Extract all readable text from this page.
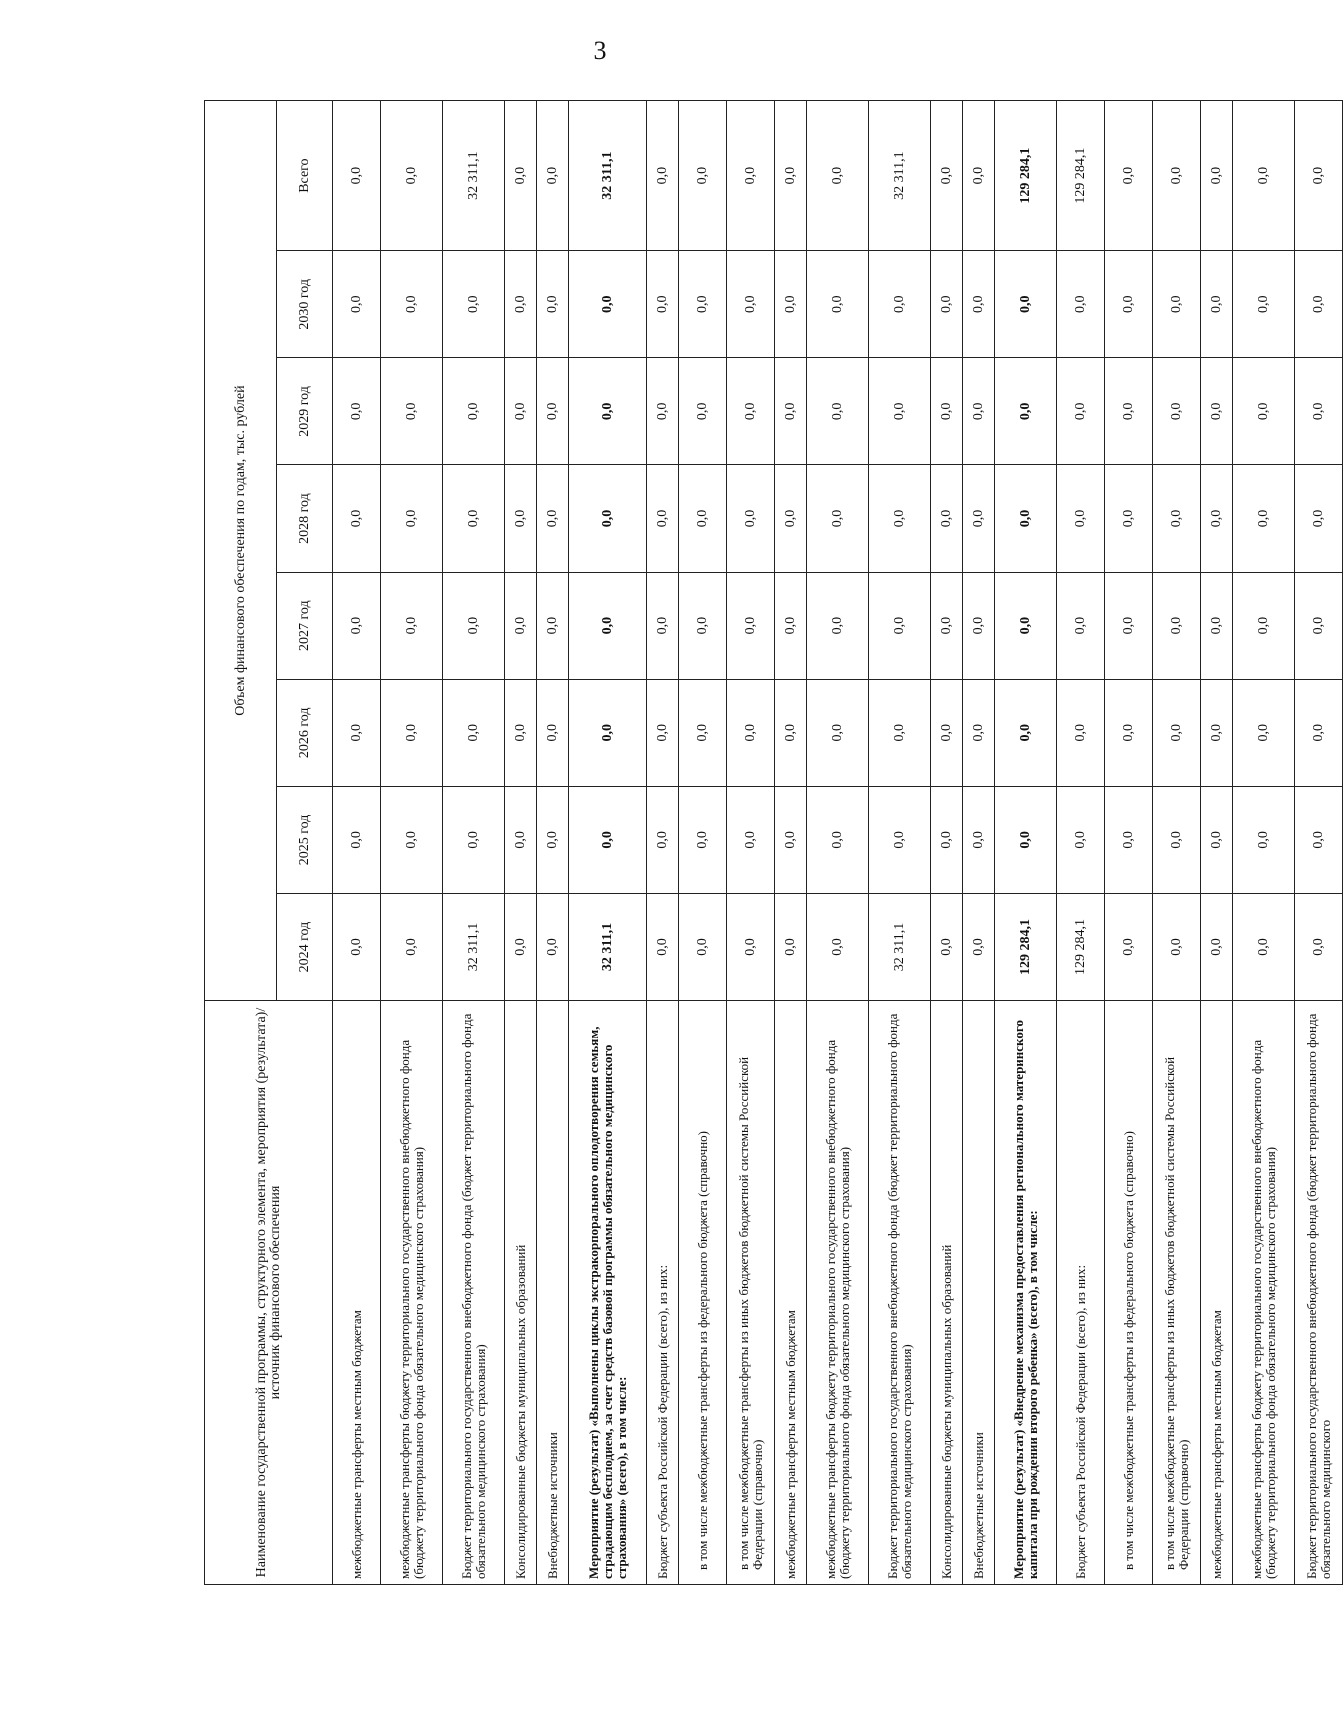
3
Наименование государственной программы, структурного элемента, мероприятия (результата)/источник финансового обеспечения	Объем финансового обеспечения по годам, тыс. рублей							
	2024 год	2025 год	2026 год	2027 год	2028 год	2029 год	2030 год	Всего
межбюджетные трансферты местным бюджетам	0,0	0,0	0,0	0,0	0,0	0,0	0,0	0,0
межбюджетные трансферты бюджету территориального государственного внебюджетного фонда (бюджету территориального фонда обязательного медицинского страхования)	0,0	0,0	0,0	0,0	0,0	0,0	0,0	0,0
Бюджет территориального государственного внебюджетного фонда (бюджет территориального фонда обязательного медицинского страхования)	32 311,1	0,0	0,0	0,0	0,0	0,0	0,0	32 311,1
Консолидированные бюджеты муниципальных образований	0,0	0,0	0,0	0,0	0,0	0,0	0,0	0,0
Внебюджетные источники	0,0	0,0	0,0	0,0	0,0	0,0	0,0	0,0
Мероприятие (результат) «Выполнены циклы экстракорпорального оплодотворения семьям, страдающим бесплодием, за счет средств базовой программы обязательного медицинского страхования» (всего), в том числе:	32 311,1	0,0	0,0	0,0	0,0	0,0	0,0	32 311,1
Бюджет субъекта Российской Федерации (всего), из них:	0,0	0,0	0,0	0,0	0,0	0,0	0,0	0,0
в том числе межбюджетные трансферты из федерального бюджета (справочно)	0,0	0,0	0,0	0,0	0,0	0,0	0,0	0,0
в том числе межбюджетные трансферты из иных бюджетов бюджетной системы Российской Федерации (справочно)	0,0	0,0	0,0	0,0	0,0	0,0	0,0	0,0
межбюджетные трансферты местным бюджетам	0,0	0,0	0,0	0,0	0,0	0,0	0,0	0,0
межбюджетные трансферты бюджету территориального государственного внебюджетного фонда (бюджету территориального фонда обязательного медицинского страхования)	0,0	0,0	0,0	0,0	0,0	0,0	0,0	0,0
Бюджет территориального государственного внебюджетного фонда (бюджет территориального фонда обязательного медицинского страхования)	32 311,1	0,0	0,0	0,0	0,0	0,0	0,0	32 311,1
Консолидированные бюджеты муниципальных образований	0,0	0,0	0,0	0,0	0,0	0,0	0,0	0,0
Внебюджетные источники	0,0	0,0	0,0	0,0	0,0	0,0	0,0	0,0
Мероприятие (результат) «Внедрение механизма предоставления регионального материнского капитала при рождении второго ребенка» (всего), в том числе:	129 284,1	0,0	0,0	0,0	0,0	0,0	0,0	129 284,1
Бюджет субъекта Российской Федерации (всего), из них:	129 284,1	0,0	0,0	0,0	0,0	0,0	0,0	129 284,1
в том числе межбюджетные трансферты из федерального бюджета (справочно)	0,0	0,0	0,0	0,0	0,0	0,0	0,0	0,0
в том числе межбюджетные трансферты из иных бюджетов бюджетной системы Российской Федерации (справочно)	0,0	0,0	0,0	0,0	0,0	0,0	0,0	0,0
межбюджетные трансферты местным бюджетам	0,0	0,0	0,0	0,0	0,0	0,0	0,0	0,0
межбюджетные трансферты бюджету территориального государственного внебюджетного фонда (бюджету территориального фонда обязательного медицинского страхования)	0,0	0,0	0,0	0,0	0,0	0,0	0,0	0,0
Бюджет территориального государственного внебюджетного фонда (бюджет территориального фонда обязательного медицинского	0,0	0,0	0,0	0,0	0,0	0,0	0,0	0,0
